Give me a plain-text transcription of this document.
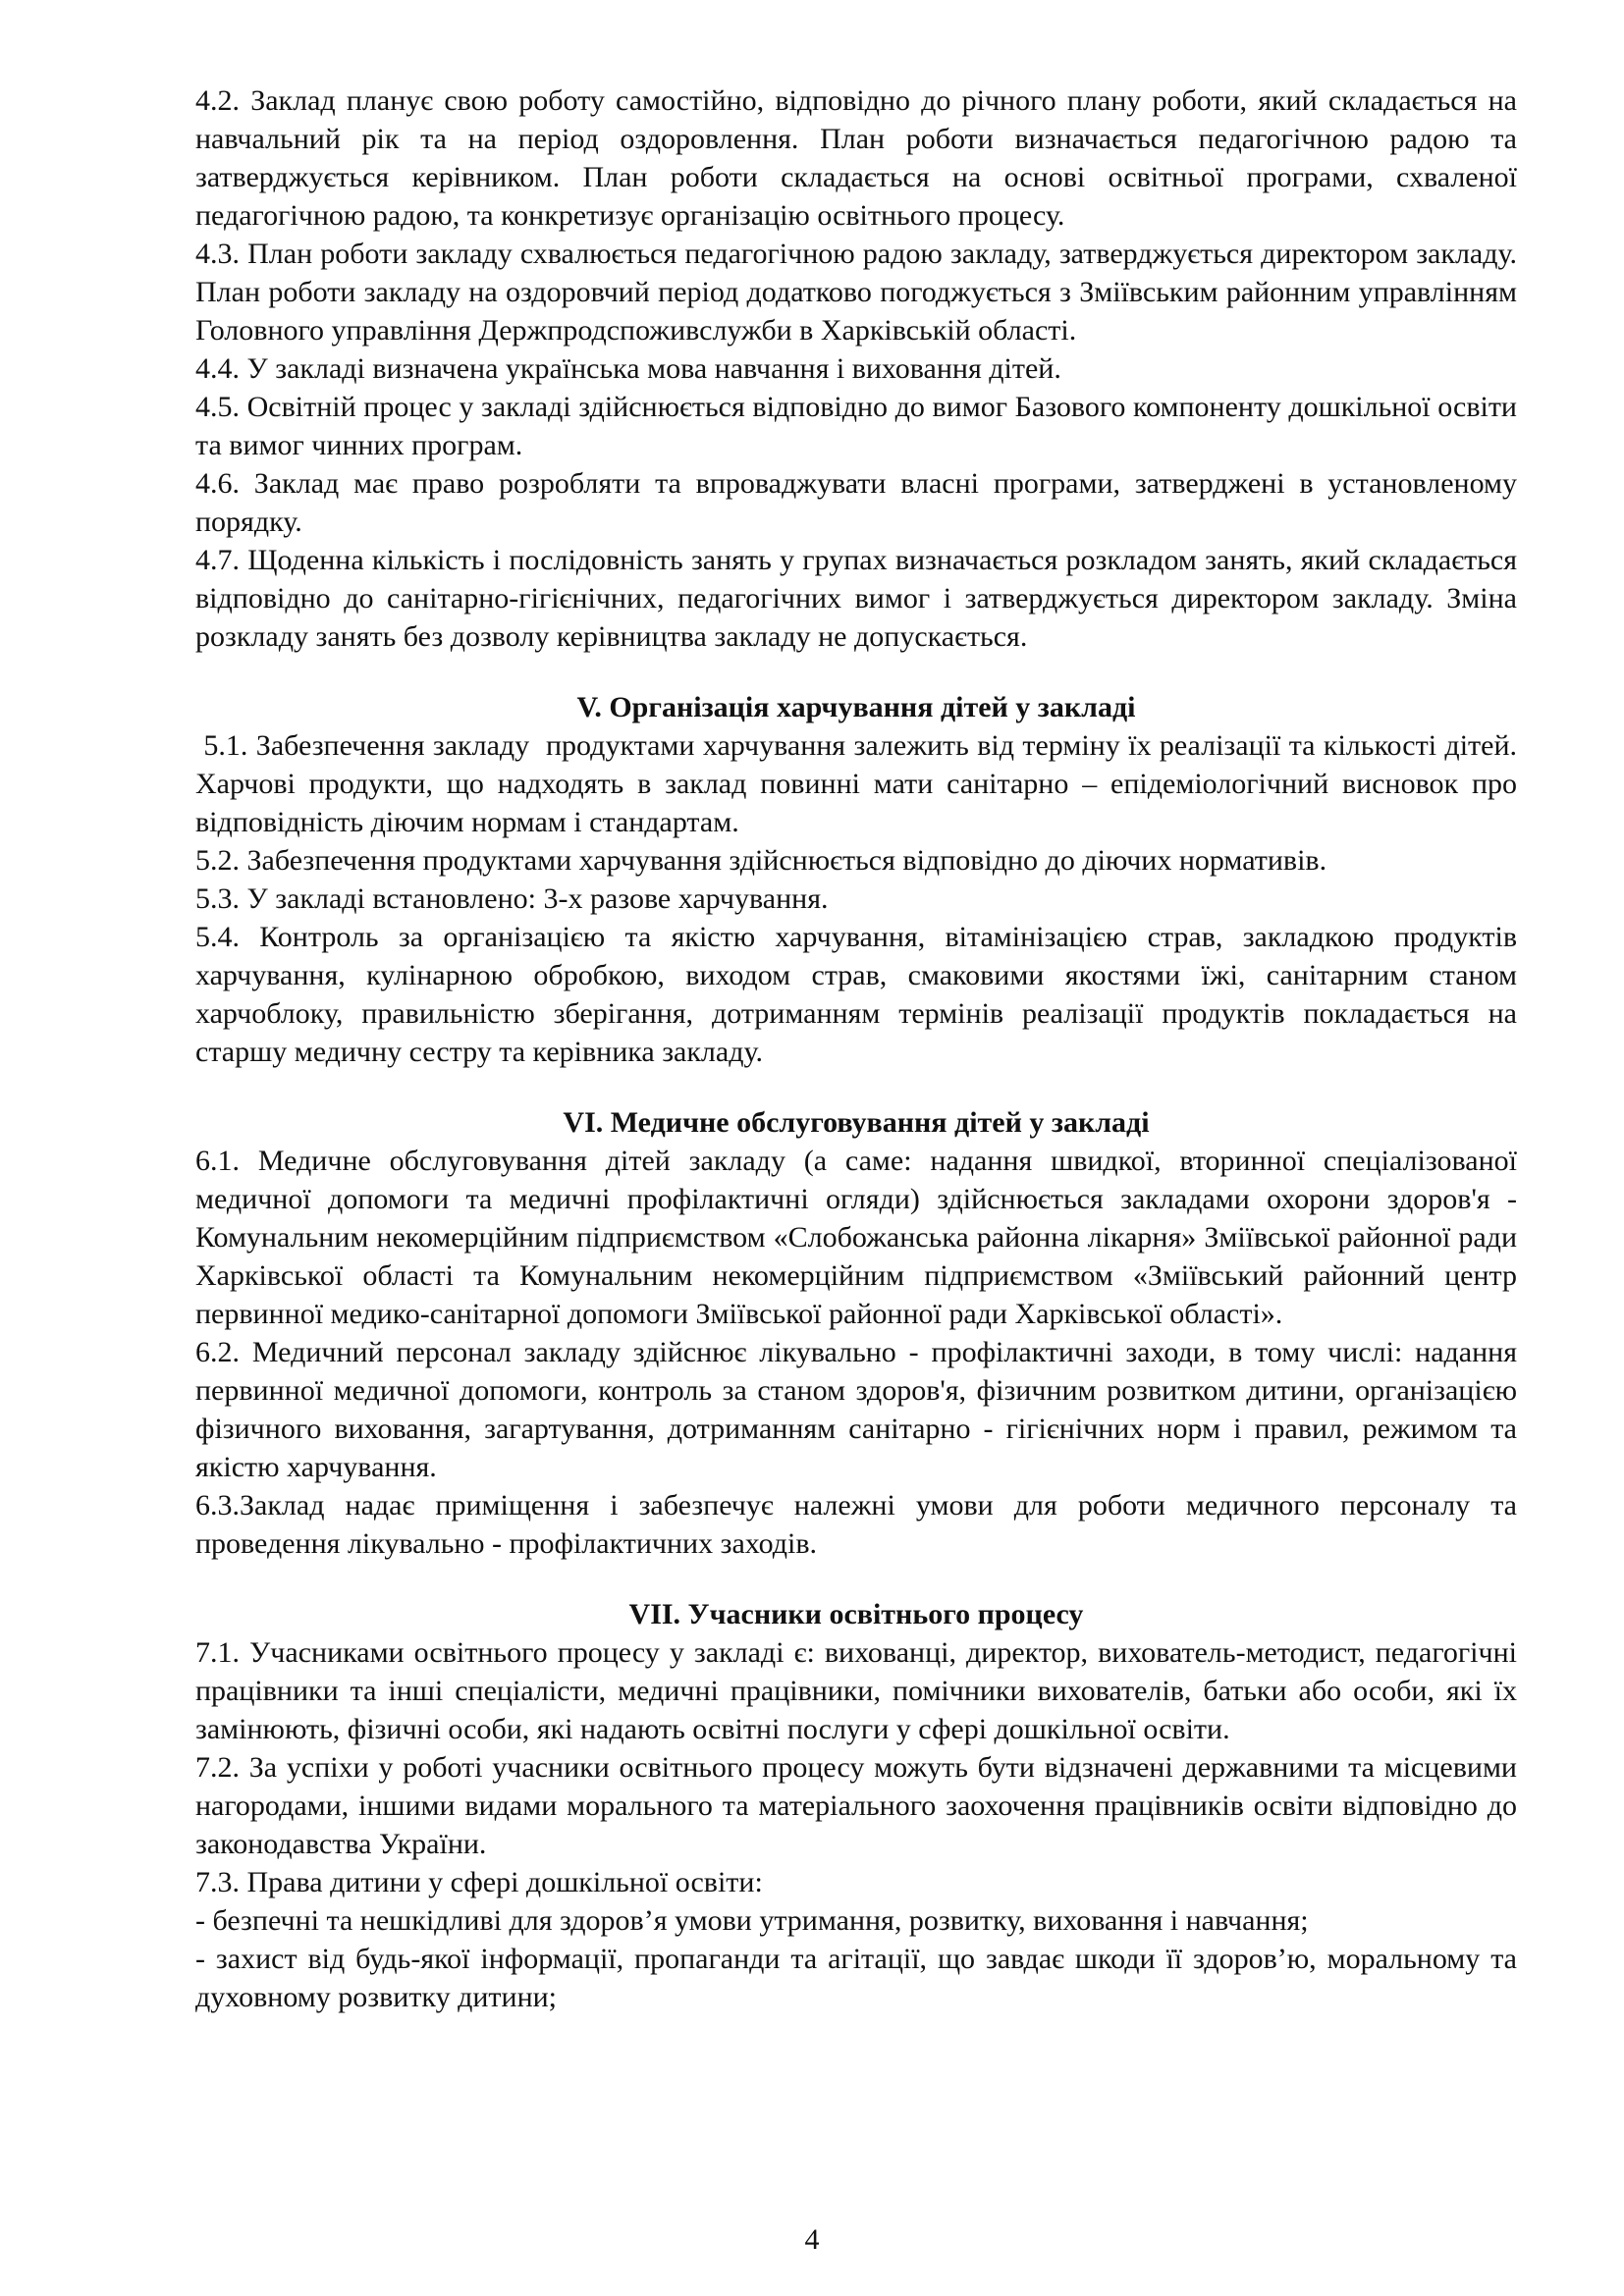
4.2. Заклад планує свою роботу самостійно, відповідно до річного плану роботи, який складається на навчальний рік та на період оздоровлення. План роботи визначається педагогічною радою та затверджується керівником. План роботи складається на основі освітньої програми, схваленої педагогічною радою, та конкретизує організацію освітнього процесу.

4.3. План роботи закладу схвалюється педагогічною радою закладу, затверджується директором закладу. План роботи закладу на оздоровчий період додатково погоджується з Зміївським районним управлінням Головного управління Держпродспоживслужби в Харківській області.

4.4. У закладі визначена українська мова навчання і виховання дітей.

4.5. Освітній процес у закладі здійснюється відповідно до вимог Базового компоненту дошкільної освіти та вимог чинних програм.

4.6. Заклад має право розробляти та впроваджувати власні програми, затверджені в установленому порядку.

4.7. Щоденна кількість і послідовність занять у групах визначається розкладом занять, який складається відповідно до санітарно-гігієнічних, педагогічних вимог і затверджується директором закладу. Зміна розкладу занять без дозволу керівництва закладу не допускається.

V. Організація харчування дітей у закладі

5.1. Забезпечення закладу  продуктами харчування залежить від терміну їх реалізації та кількості дітей. Харчові продукти, що надходять в заклад повинні мати санітарно – епідеміологічний висновок про відповідність діючим нормам і стандартам.

5.2. Забезпечення продуктами харчування здійснюється відповідно до діючих нормативів.

5.3. У закладі встановлено: 3-х разове харчування.

5.4. Контроль за організацією та якістю харчування, вітамінізацією страв, закладкою продуктів харчування, кулінарною обробкою, виходом страв, смаковими якостями їжі, санітарним станом харчоблоку, правильністю зберігання, дотриманням термінів реалізації продуктів покладається на старшу медичну сестру та керівника закладу.

VI. Медичне обслуговування дітей у закладі

6.1. Медичне обслуговування дітей закладу (а саме: надання швидкої, вторинної спеціалізованої медичної допомоги та медичні профілактичні огляди) здійснюється закладами охорони здоров'я - Комунальним некомерційним підприємством «Слобожанська районна лікарня» Зміївської районної ради Харківської області та Комунальним некомерційним підприємством «Зміївський районний центр первинної медико-санітарної допомоги Зміївської районної ради Харківської області».

6.2. Медичний персонал закладу здійснює лікувально - профілактичні заходи, в тому числі: надання первинної медичної допомоги, контроль за станом здоров'я, фізичним розвитком дитини, організацією фізичного виховання, загартування, дотриманням санітарно - гігієнічних норм і правил, режимом та якістю харчування.

6.3.Заклад надає приміщення і забезпечує належні умови для роботи медичного персоналу та проведення лікувально - профілактичних заходів.

VII. Учасники освітнього процесу

7.1. Учасниками освітнього процесу у закладі є: вихованці, директор, вихователь-методист, педагогічні працівники та інші спеціалісти, медичні працівники, помічники вихователів, батьки або особи, які їх замінюють, фізичні особи, які надають освітні послуги у сфері дошкільної освіти.

7.2. За успіхи у роботі учасники освітнього процесу можуть бути відзначені державними та місцевими нагородами, іншими видами морального та матеріального заохочення працівників освіти відповідно до законодавства України.

7.3. Права дитини у сфері дошкільної освіти:

- безпечні та нешкідливі для здоров’я умови утримання, розвитку, виховання і навчання;

- захист від будь-якої інформації, пропаганди та агітації, що завдає шкоди її здоров’ю, моральному та духовному розвитку дитини;

4
